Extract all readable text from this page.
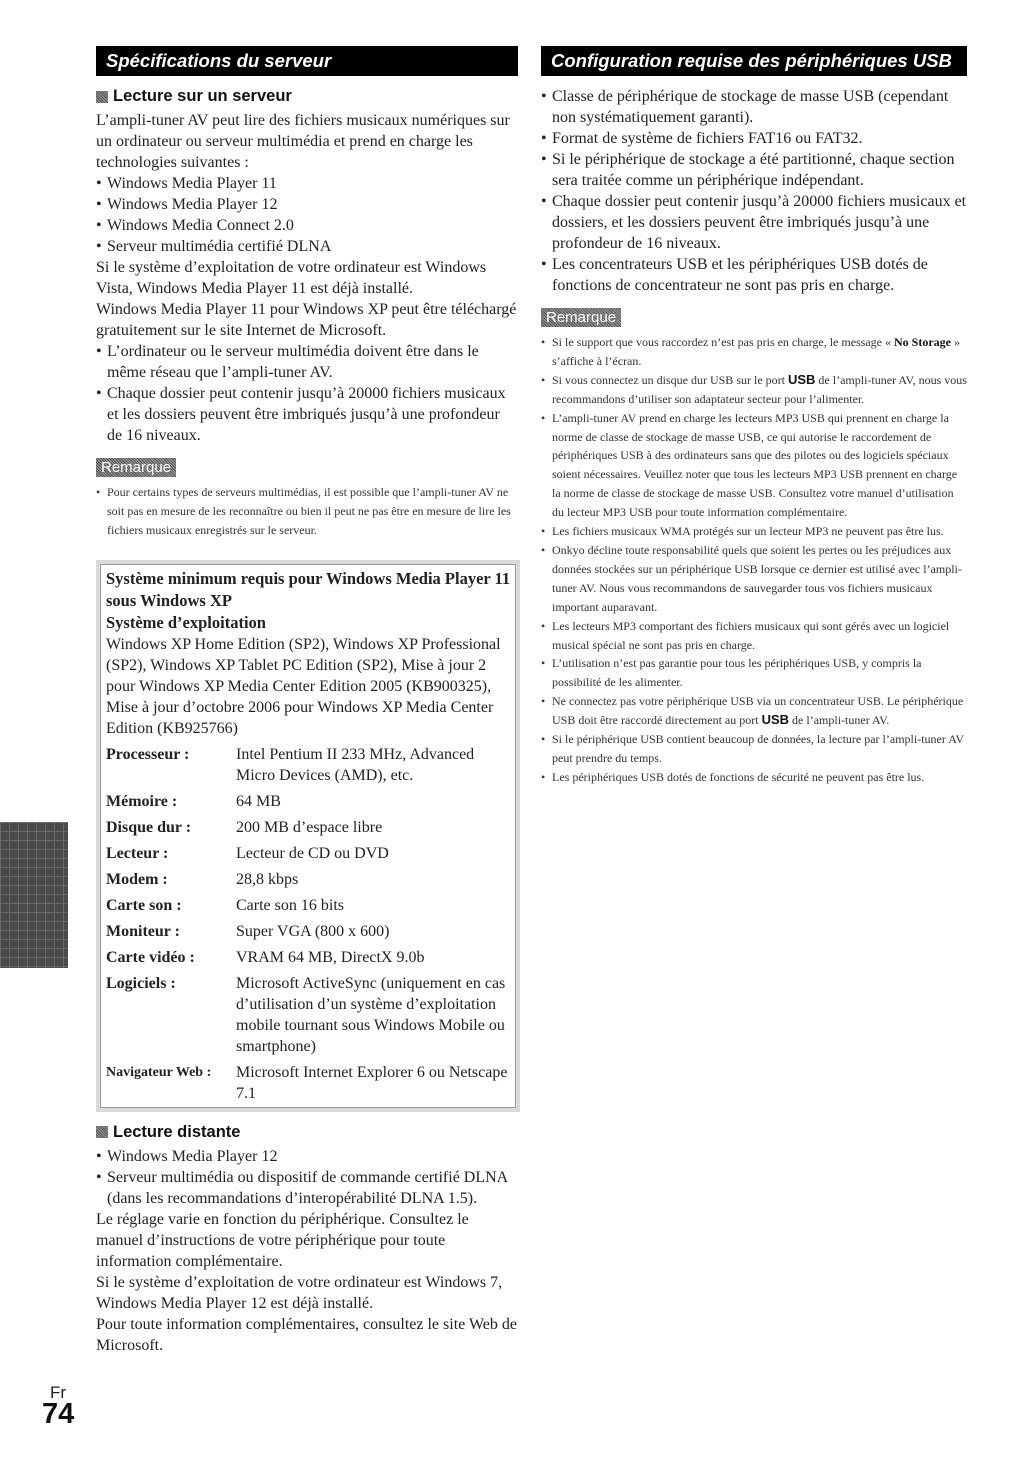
Spécifications du serveur
Lecture sur un serveur

L’ampli-tuner AV peut lire des fichiers musicaux numériques sur un ordinateur ou serveur multimédia et prend en charge les technologies suivantes :

• Windows Media Player 11
• Windows Media Player 12
• Windows Media Connect 2.0
• Serveur multimédia certifié DLNA

Si le système d’exploitation de votre ordinateur est Windows Vista, Windows Media Player 11 est déjà installé.

Windows Media Player 11 pour Windows XP peut être téléchargé gratuitement sur le site Internet de Microsoft.

• L’ordinateur ou le serveur multimédia doivent être dans le même réseau que l’ampli-tuner AV.
• Chaque dossier peut contenir jusqu’à 20000 fichiers musicaux et les dossiers peuvent être imbriqués jusqu’à une profondeur de 16 niveaux.
Remarque
• Pour certains types de serveurs multimédias, il est possible que l’ampli-tuner AV ne soit pas en mesure de les reconnaître ou bien il peut ne pas être en mesure de lire les fichiers musicaux enregistrés sur le serveur.

Système minimum requis pour Windows Media Player 11 sous Windows XP

Système d’exploitation

Windows XP Home Edition (SP2), Windows XP Professional (SP2), Windows XP Tablet PC Edition (SP2), Mise à jour 2 pour Windows XP Media Center Edition 2005 (KB900325), Mise à jour d’octobre 2006 pour Windows XP Media Center Edition (KB925766)

Processeur :	Intel Pentium II 233 MHz, Advanced Micro Devices (AMD), etc.
Mémoire :	64 MB
Disque dur :	200 MB d’espace libre
Lecteur :	Lecteur de CD ou DVD
Modem :	28,8 kbps
Carte son :	Carte son 16 bits
Moniteur :	Super VGA (800 x 600)
Carte vidéo :	VRAM 64 MB, DirectX 9.0b
Logiciels :	Microsoft ActiveSync (uniquement en cas d’utilisation d’un système d’exploitation mobile tournant sous Windows Mobile ou smartphone)
Navigateur Web :	Microsoft Internet Explorer 6 ou Netscape 7.1
Lecture distante
• Windows Media Player 12
• Serveur multimédia ou dispositif de commande certifié DLNA (dans les recommandations d’interopérabilité DLNA 1.5).

Le réglage varie en fonction du périphérique. Consultez le manuel d’instructions de votre périphérique pour toute information complémentaire.

Si le système d’exploitation de votre ordinateur est Windows 7, Windows Media Player 12 est déjà installé.

Pour toute information complémentaires, consultez le site Web de Microsoft.

Configuration requise des périphériques USB
• Classe de périphérique de stockage de masse USB (cependant non systématiquement garanti).
• Format de système de fichiers FAT16 ou FAT32.
• Si le périphérique de stockage a été partitionné, chaque section sera traitée comme un périphérique indépendant.
• Chaque dossier peut contenir jusqu’à 20000 fichiers musicaux et dossiers, et les dossiers peuvent être imbriqués jusqu’à une profondeur de 16 niveaux.
• Les concentrateurs USB et les périphériques USB dotés de fonctions de concentrateur ne sont pas pris en charge.
Remarque
• Si le support que vous raccordez n’est pas pris en charge, le message « No Storage » s’affiche à l’écran.
• Si vous connectez un disque dur USB sur le port USB de l’ampli-tuner AV, nous vous recommandons d’utiliser son adaptateur secteur pour l’alimenter.
• L’ampli-tuner AV prend en charge les lecteurs MP3 USB qui prennent en charge la norme de classe de stockage de masse USB, ce qui autorise le raccordement de périphériques USB à des ordinateurs sans que des pilotes ou des logiciels spéciaux soient nécessaires. Veuillez noter que tous les lecteurs MP3 USB prennent en charge la norme de classe de stockage de masse USB. Consultez votre manuel d’utilisation du lecteur MP3 USB pour toute information complémentaire.
• Les fichiers musicaux WMA protégés sur un lecteur MP3 ne peuvent pas être lus.
• Onkyo décline toute responsabilité quels que soient les pertes ou les préjudices aux données stockées sur un périphérique USB lorsque ce dernier est utilisé avec l’ampli-tuner AV. Nous vous recommandons de sauvegarder tous vos fichiers musicaux important auparavant.
• Les lecteurs MP3 comportant des fichiers musicaux qui sont gérés avec un logiciel musical spécial ne sont pas pris en charge.
• L’utilisation n’est pas garantie pour tous les périphériques USB, y compris la possibilité de les alimenter.
• Ne connectez pas votre périphérique USB via un concentrateur USB. Le périphérique USB doit être raccordé directement au port USB de l’ampli-tuner AV.
• Si le périphérique USB contient beaucoup de données, la lecture par l’ampli-tuner AV peut prendre du temps.
• Les périphériques USB dotés de fonctions de sécurité ne peuvent pas être lus.
Fr
74
